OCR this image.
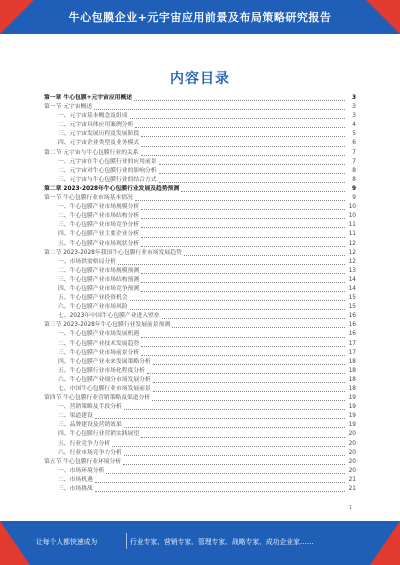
牛心包膜企业+元宇宙应用前景及布局策略研究报告
内容目录
第一章 牛心包膜+元宇宙应用概述	3
第一节 元宇宙概述	3
一、元宇宙基本概念及组成	3
二、元宇宙具体应用案例分析	4
三、元宇宙发展历程及发展阶段	5
四、元宇宙企业类型及业务模式	6
第二节 元宇宙与牛心包膜行业的关系	7
一、元宇宙在牛心包膜行业的应用前景	7
二、元宇宙对牛心包膜行业的影响分析	8
三、元宇宙与牛心包膜行业的结合方式	8
第二章 2023-2028年牛心包膜行业发展及趋势预测	9
第一节 牛心包膜行业市场基本情况	9
一、牛心包膜产业市场规模分析	10
二、牛心包膜产业市场结构分析	10
三、牛心包膜产业市场竞争分析	11
四、牛心包膜产业主要企业分析	11
五、牛心包膜产业市场现状分析	12
第二节 2023-2028年我国牛心包膜行业市场发展趋势	12
一、市场供需格局分析	12
二、牛心包膜产业市场规模预测	13
三、牛心包膜产业市场结构预测	14
四、牛心包膜产业市场竞争预测	14
五、牛心包膜产业投资机会	15
六、牛心包膜产业市场风险	15
七、2023年中国牛心包膜产业进入壁垒	16
第三节 2023-2028年牛心包膜行业发展前景预测	16
一、牛心包膜产业市场发展机遇	16
二、牛心包膜产业技术发展趋势	17
三、牛心包膜产业市场前景分析	17
四、牛心包膜产业未来发展策略分析	18
五、牛心包膜行业市场化程度分析	18
六、牛心包膜产业细分市场发展分析	18
七、中国牛心包膜行业市场发展前景	18
第四节 牛心包膜行业营销策略及渠道分析	19
一、营销策略及手段分析	19
二、渠道建设	19
三、品牌建设及营销效果	19
四、牛心包膜行业营销实践展望	20
五、行业竞争力分析	20
六、行业市场竞争力分析	20
第五节 牛心包膜行业环境分析	20
一、市场环境分析	20
二、市场机遇	21
三、市场挑战	21
1
让每个人都快速成为	行业专家、营销专家、管理专家、战略专家、成功企业家……
